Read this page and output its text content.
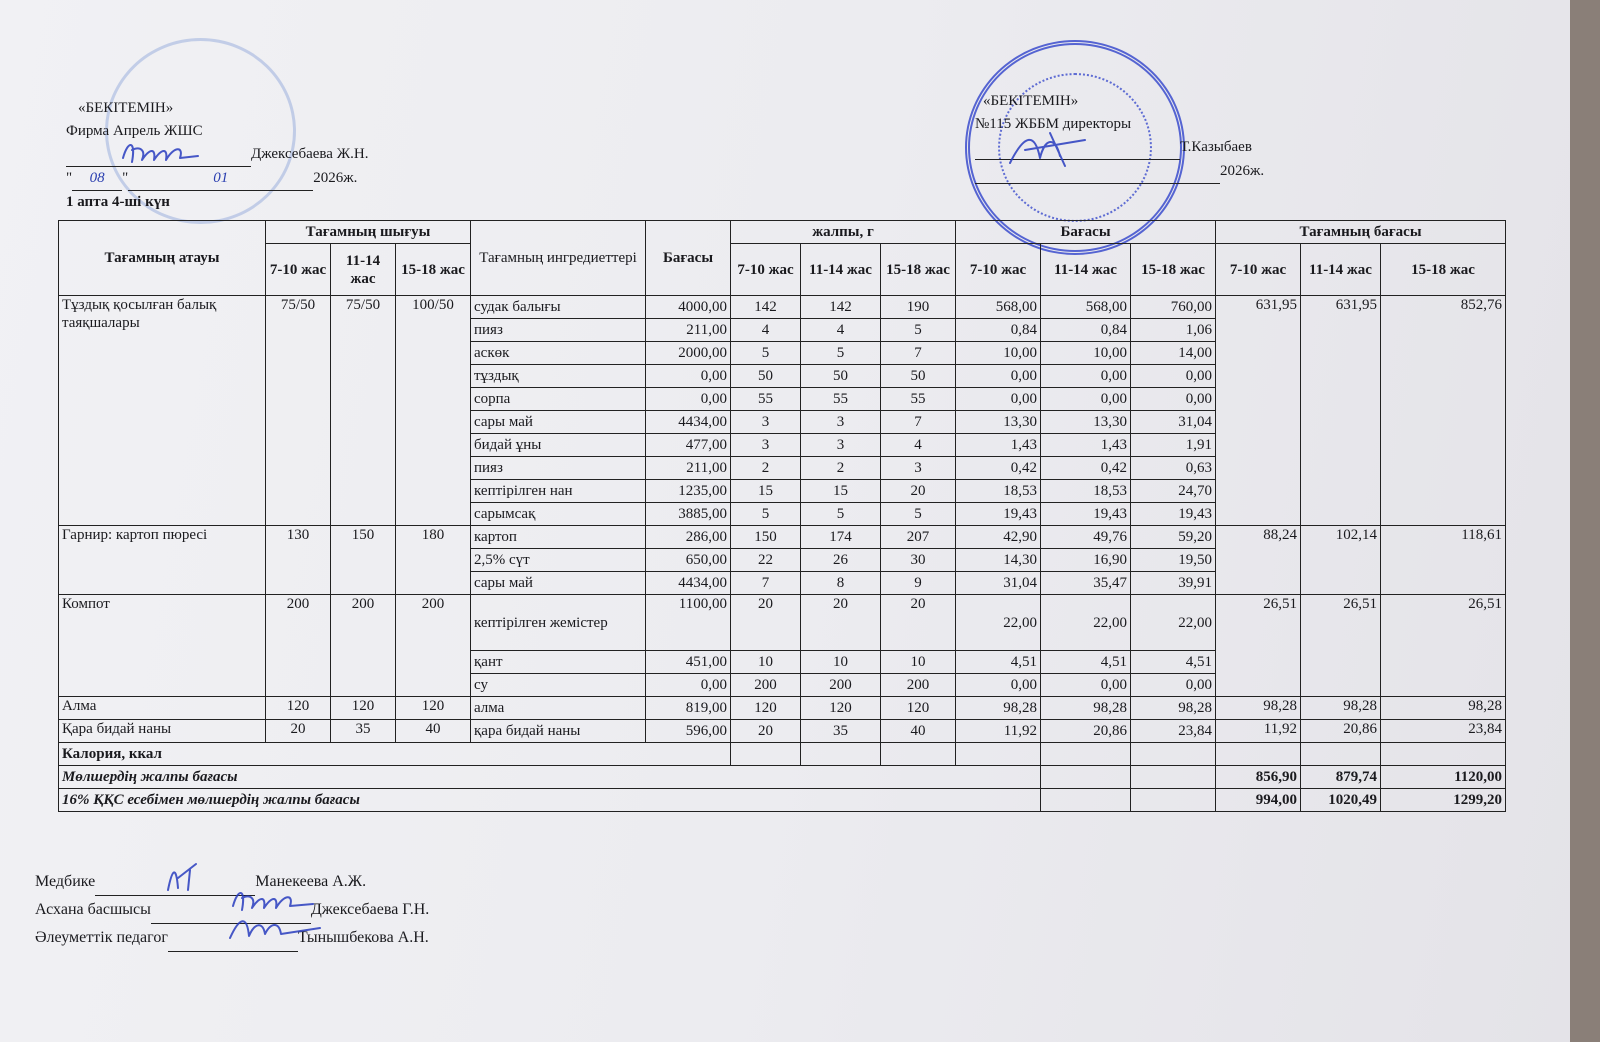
«БЕКІТЕМІН»
Фирма Апрель ЖШС
Джексебаева Ж.Н.
" 08 "	01	2026ж.
1 апта 4-ші күн
«БЕКІТЕМІН»
№115 ЖББМ директоры
Т.Казыбаев
2026ж.
Тағамның атауы	Тағамның шығуы			Тағамның ингредиеттері	Бағасы	жалпы, г			Бағасы			Тағамның бағасы		
	7-10 жас	11-14 жас	15-18 жас			7-10 жас	11-14 жас	15-18 жас	7-10 жас	11-14 жас	15-18 жас	7-10 жас	11-14 жас	15-18 жас
Тұздық қосылған балық таяқшалары	75/50	75/50	100/50	судак балығы	4000,00	142	142	190	568,00	568,00	760,00	631,95	631,95	852,76
				пияз	211,00	4	4	5	0,84	0,84	1,06			
				аскөк	2000,00	5	5	7	10,00	10,00	14,00			
				тұздық	0,00	50	50	50	0,00	0,00	0,00			
				сорпа	0,00	55	55	55	0,00	0,00	0,00			
				сары май	4434,00	3	3	7	13,30	13,30	31,04			
				бидай ұны	477,00	3	3	4	1,43	1,43	1,91			
				пияз	211,00	2	2	3	0,42	0,42	0,63			
				кептірілген нан	1235,00	15	15	20	18,53	18,53	24,70			
				сарымсақ	3885,00	5	5	5	19,43	19,43	19,43			
Гарнир: картоп пюресі	130	150	180	картоп	286,00	150	174	207	42,90	49,76	59,20	88,24	102,14	118,61
				2,5% сүт	650,00	22	26	30	14,30	16,90	19,50			
				сары май	4434,00	7	8	9	31,04	35,47	39,91			
Компот	200	200	200	кептірілген жемістер	1100,00	20	20	20	22,00	22,00	22,00	26,51	26,51	26,51
				қант	451,00	10	10	10	4,51	4,51	4,51			
				су	0,00	200	200	200	0,00	0,00	0,00			
Алма	120	120	120	алма	819,00	120	120	120	98,28	98,28	98,28	98,28	98,28	98,28
Қара бидай наны	20	35	40	қара бидай наны	596,00	20	35	40	11,92	20,86	23,84	11,92	20,86	23,84
Калория, ккал														
Мөлшердің жалпы бағасы												856,90	879,74	1120,00
16% ҚҚС есебімен мөлшердің жалпы бағасы												994,00	1020,49	1299,20
Медбике	Манекеева А.Ж.
Асхана басшысы	Джексебаева Г.Н.
Әлеуметтік педагог	Тынышбекова А.Н.
